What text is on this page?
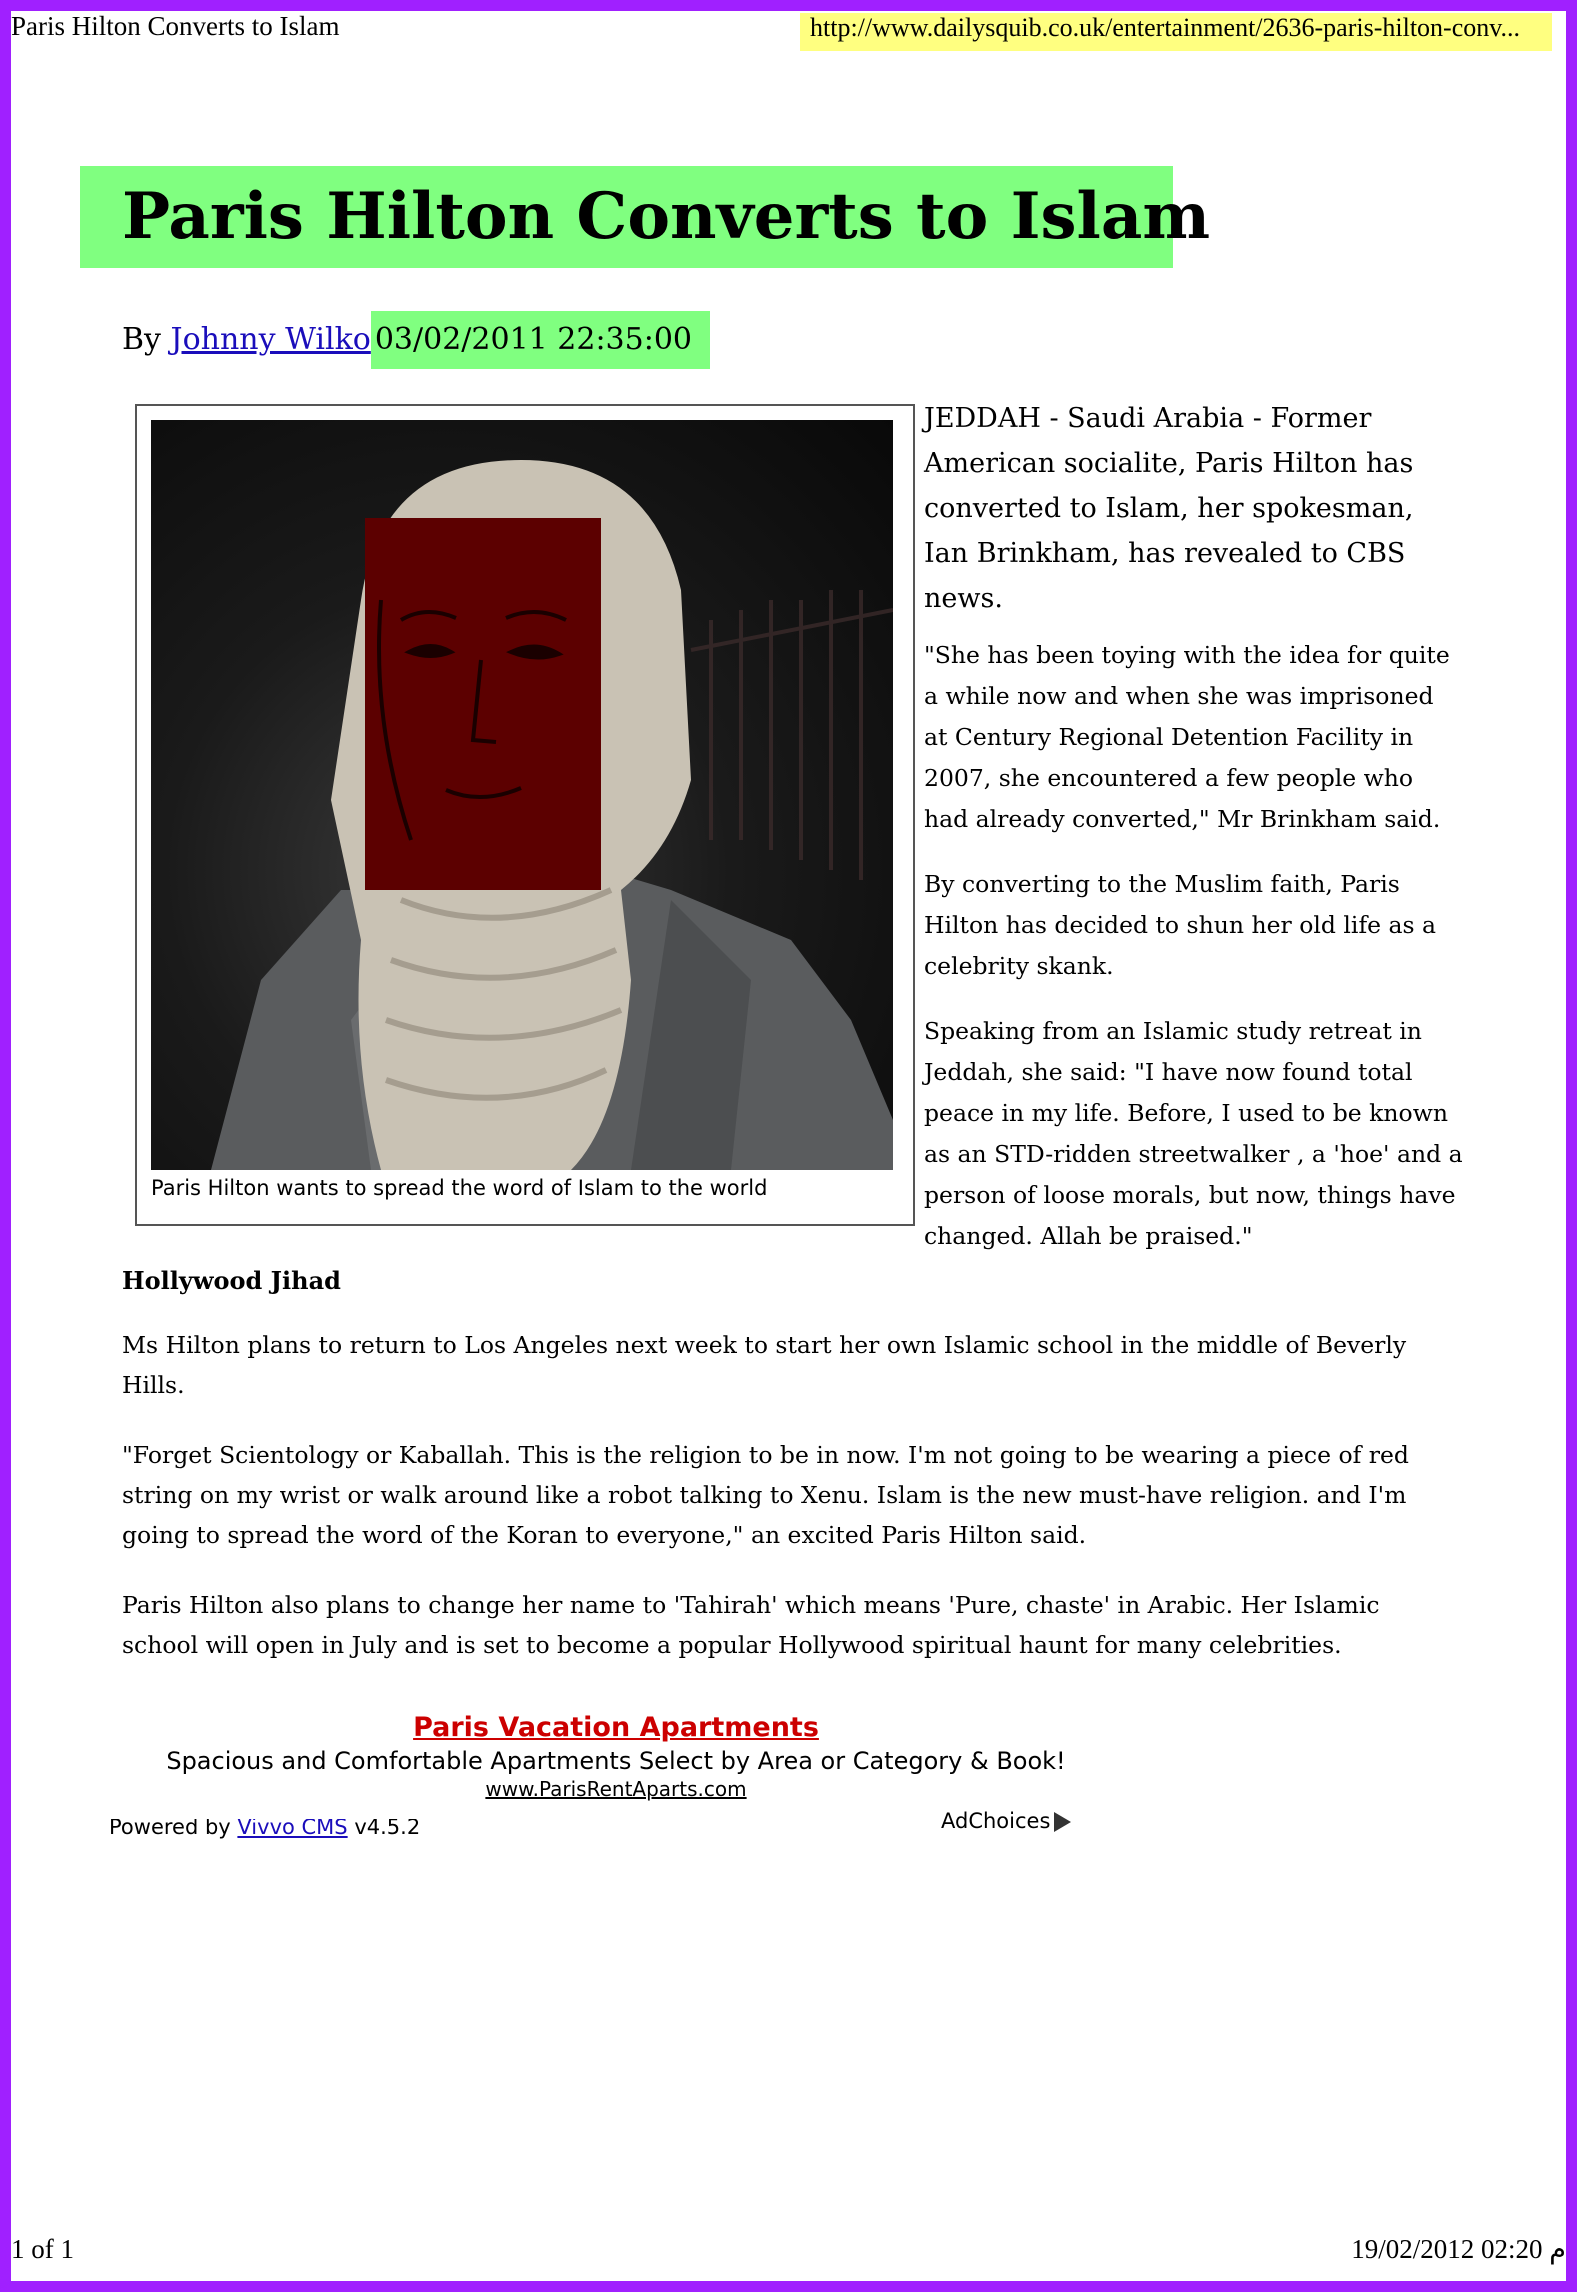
Paris Hilton Converts to Islam	http://www.dailysquib.co.uk/entertainment/2636-paris-hilton-conv...
Paris Hilton Converts to Islam
By Johnny Wilko 03/02/2011 22:35:00
Paris Hilton wants to spread the word of Islam to the world

JEDDAH - Saudi Arabia - Former American socialite, Paris Hilton has converted to Islam, her spokesman, Ian Brinkham, has revealed to CBS news.

"She has been toying with the idea for quite a while now and when she was imprisoned at Century Regional Detention Facility in 2007, she encountered a few people who had already converted," Mr Brinkham said.

By converting to the Muslim faith, Paris Hilton has decided to shun her old life as a celebrity skank.

Speaking from an Islamic study retreat in Jeddah, she said: "I have now found total peace in my life. Before, I used to be known as an STD-ridden streetwalker , a 'hoe' and a person of loose morals, but now, things have changed. Allah be praised."

Hollywood Jihad

Ms Hilton plans to return to Los Angeles next week to start her own Islamic school in the middle of Beverly Hills.

"Forget Scientology or Kaballah. This is the religion to be in now. I'm not going to be wearing a piece of red string on my wrist or walk around like a robot talking to Xenu. Islam is the new must-have religion. and I'm going to spread the word of the Koran to everyone," an excited Paris Hilton said.

Paris Hilton also plans to change her name to 'Tahirah' which means 'Pure, chaste' in Arabic. Her Islamic school will open in July and is set to become a popular Hollywood spiritual haunt for many celebrities.

Paris Vacation Apartments
Spacious and Comfortable Apartments Select by Area or Category & Book!
www.ParisRentAparts.com
AdChoices
Powered by Vivvo CMS v4.5.2
1 of 1	19/02/2012 02:20 م
